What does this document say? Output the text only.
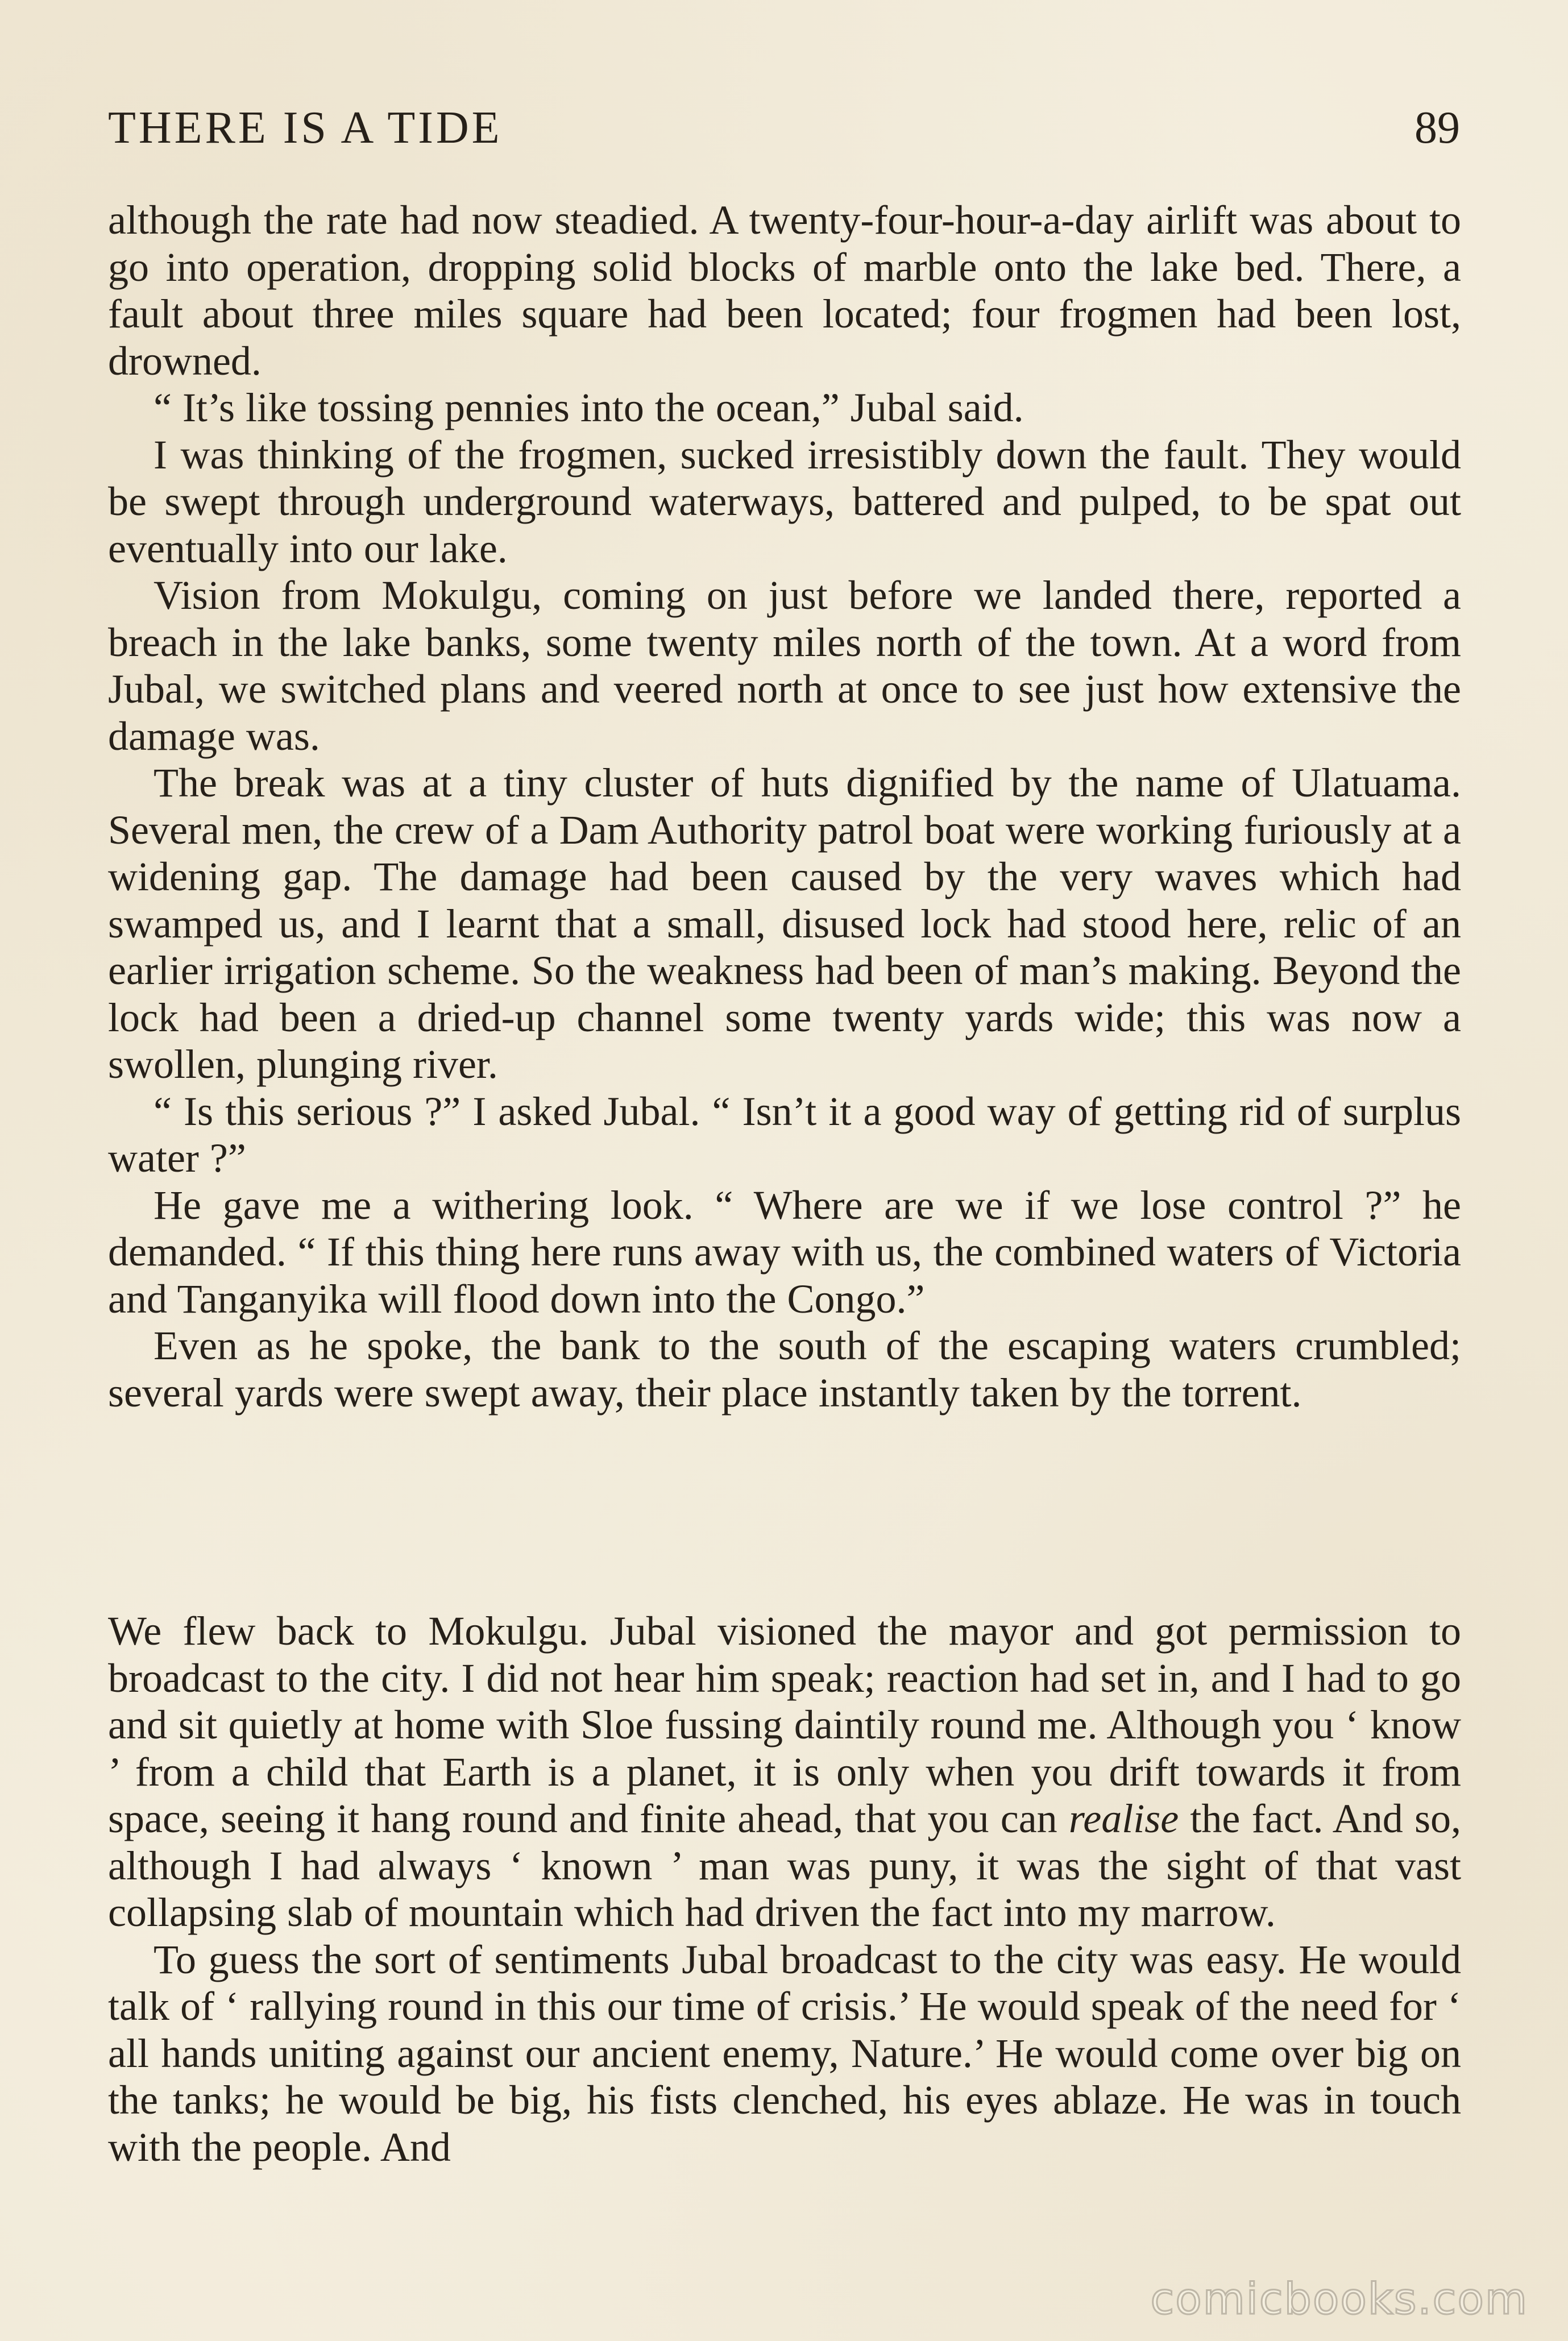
THERE IS A TIDE	89

although the rate had now steadied. A twenty-four-hour-a-day airlift was about to go into operation, dropping solid blocks of marble onto the lake bed. There, a fault about three miles square had been located; four frogmen had been lost, drowned.

“ It’s like tossing pennies into the ocean,” Jubal said.

I was thinking of the frogmen, sucked irresistibly down the fault. They would be swept through underground waterways, battered and pulped, to be spat out eventually into our lake.

Vision from Mokulgu, coming on just before we landed there, reported a breach in the lake banks, some twenty miles north of the town. At a word from Jubal, we switched plans and veered north at once to see just how extensive the damage was.

The break was at a tiny cluster of huts dignified by the name of Ulatuama. Several men, the crew of a Dam Authority patrol boat were working furiously at a widening gap. The damage had been caused by the very waves which had swamped us, and I learnt that a small, disused lock had stood here, relic of an earlier irrigation scheme. So the weakness had been of man’s making. Beyond the lock had been a dried-up channel some twenty yards wide; this was now a swollen, plunging river.

“ Is this serious ?” I asked Jubal. “ Isn’t it a good way of getting rid of surplus water ?”

He gave me a withering look. “ Where are we if we lose control ?” he demanded. “ If this thing here runs away with us, the combined waters of Victoria and Tanganyika will flood down into the Congo.”

Even as he spoke, the bank to the south of the escaping waters crumbled; several yards were swept away, their place instantly taken by the torrent.

We flew back to Mokulgu. Jubal visioned the mayor and got permission to broadcast to the city. I did not hear him speak; reaction had set in, and I had to go and sit quietly at home with Sloe fussing daintily round me. Although you ‘ know ’ from a child that Earth is a planet, it is only when you drift towards it from space, seeing it hang round and finite ahead, that you can realise the fact. And so, although I had always ‘ known ’ man was puny, it was the sight of that vast collapsing slab of mountain which had driven the fact into my marrow.

To guess the sort of sentiments Jubal broadcast to the city was easy. He would talk of ‘ rallying round in this our time of crisis.’ He would speak of the need for ‘ all hands uniting against our ancient enemy, Nature.’ He would come over big on the tanks; he would be big, his fists clenched, his eyes ablaze. He was in touch with the people. And

comicbooks.com
